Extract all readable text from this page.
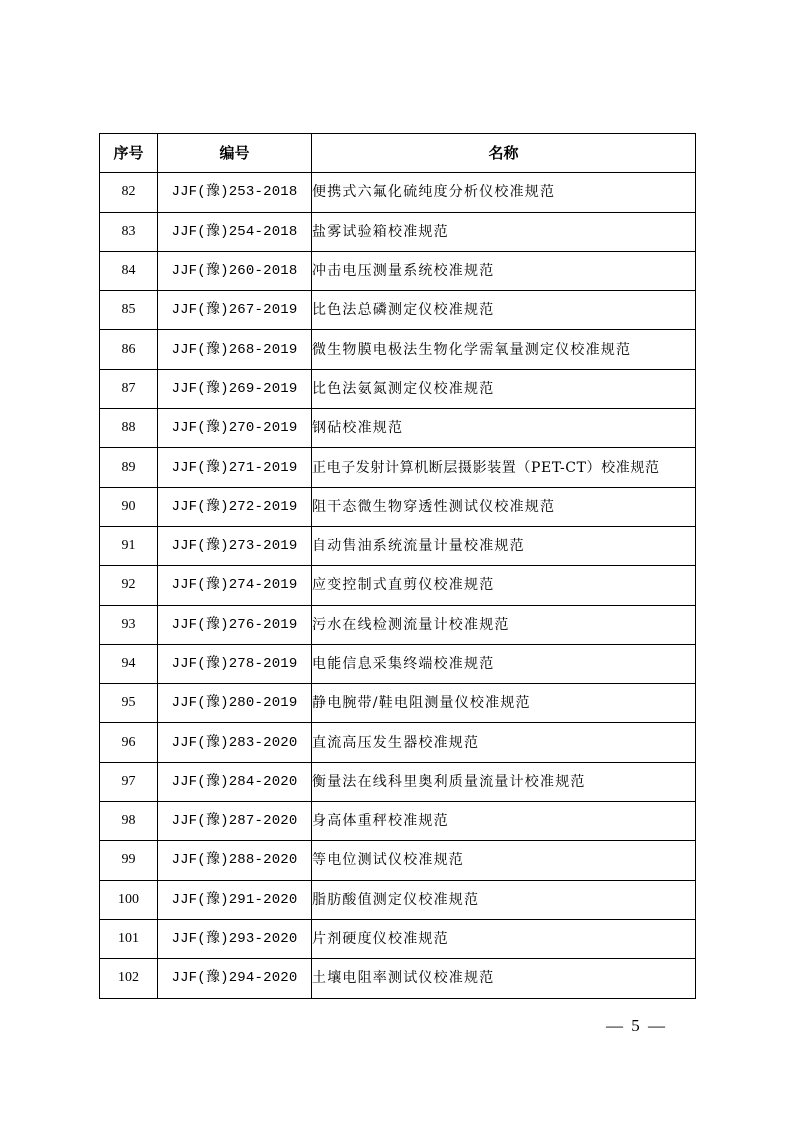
序号	编号	名称
82	JJF(豫)253-2018	便携式六氟化硫纯度分析仪校准规范
83	JJF(豫)254-2018	盐雾试验箱校准规范
84	JJF(豫)260-2018	冲击电压测量系统校准规范
85	JJF(豫)267-2019	比色法总磷测定仪校准规范
86	JJF(豫)268-2019	微生物膜电极法生物化学需氧量测定仪校准规范
87	JJF(豫)269-2019	比色法氨氮测定仪校准规范
88	JJF(豫)270-2019	钢砧校准规范
89	JJF(豫)271-2019	正电子发射计算机断层摄影装置（PET-CT）校准规范
90	JJF(豫)272-2019	阻干态微生物穿透性测试仪校准规范
91	JJF(豫)273-2019	自动售油系统流量计量校准规范
92	JJF(豫)274-2019	应变控制式直剪仪校准规范
93	JJF(豫)276-2019	污水在线检测流量计校准规范
94	JJF(豫)278-2019	电能信息采集终端校准规范
95	JJF(豫)280-2019	静电腕带/鞋电阻测量仪校准规范
96	JJF(豫)283-2020	直流高压发生器校准规范
97	JJF(豫)284-2020	衡量法在线科里奥利质量流量计校准规范
98	JJF(豫)287-2020	身高体重秤校准规范
99	JJF(豫)288-2020	等电位测试仪校准规范
100	JJF(豫)291-2020	脂肪酸值测定仪校准规范
101	JJF(豫)293-2020	片剂硬度仪校准规范
102	JJF(豫)294-2020	土壤电阻率测试仪校准规范
— 5 —
